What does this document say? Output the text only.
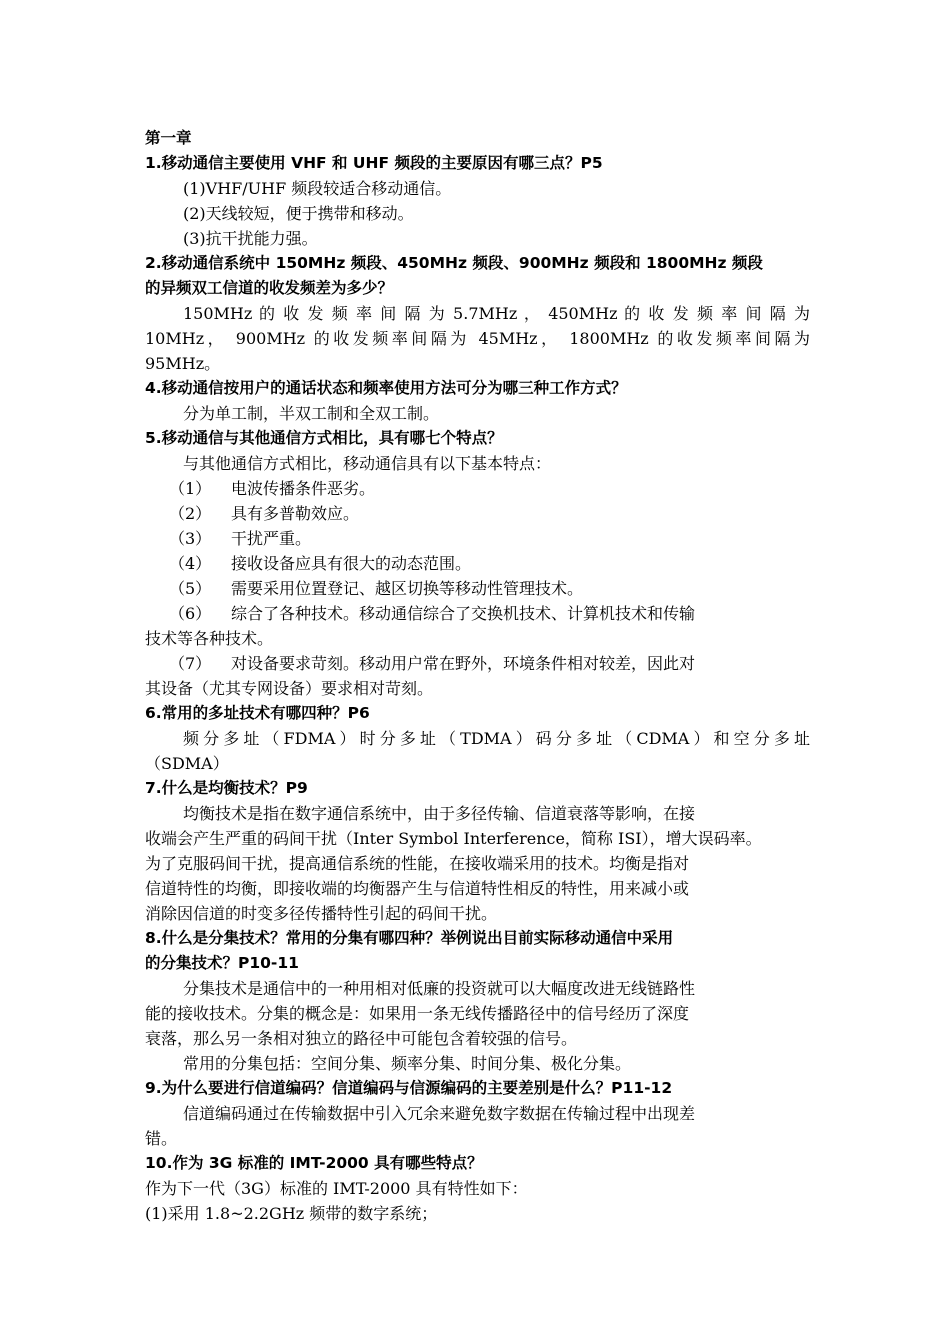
第一章
1.移动通信主要使用 VHF 和 UHF 频段的主要原因有哪三点？P5
(1)VHF/UHF 频段较适合移动通信。
(2)天线较短，便于携带和移动。
(3)抗干扰能力强。
2.移动通信系统中 150MHz 频段、450MHz 频段、900MHz 频段和 1800MHz 频段
的异频双工信道的收发频差为多少？
150MHz 的 收 发 频 率 间 隔 为 5.7MHz ， 450MHz 的 收 发 频 率 间 隔 为
10MHz， 900MHz 的收发频率间隔为 45MHz， 1800MHz 的收发频率间隔为
95MHz。
4.移动通信按用户的通话状态和频率使用方法可分为哪三种工作方式？
分为单工制，半双工制和全双工制。
5.移动通信与其他通信方式相比，具有哪七个特点？
与其他通信方式相比，移动通信具有以下基本特点：
（1） 电波传播条件恶劣。
（2） 具有多普勒效应。
（3） 干扰严重。
（4） 接收设备应具有很大的动态范围。
（5） 需要采用位置登记、越区切换等移动性管理技术。
（6） 综合了各种技术。移动通信综合了交换机技术、计算机技术和传输
技术等各种技术。
（7） 对设备要求苛刻。移动用户常在野外，环境条件相对较差，因此对
其设备（尤其专网设备）要求相对苛刻。
6.常用的多址技术有哪四种？P6
频分多址（FDMA）时分多址（TDMA）码分多址（CDMA）和空分多址
（SDMA）
7.什么是均衡技术？P9
均衡技术是指在数字通信系统中，由于多径传输、信道衰落等影响，在接
收端会产生严重的码间干扰（Inter Symbol Interference，简称 ISI），增大误码率。
为了克服码间干扰，提高通信系统的性能，在接收端采用的技术。均衡是指对
信道特性的均衡，即接收端的均衡器产生与信道特性相反的特性，用来减小或
消除因信道的时变多径传播特性引起的码间干扰。
8.什么是分集技术？常用的分集有哪四种？举例说出目前实际移动通信中采用
的分集技术？P10-11
分集技术是通信中的一种用相对低廉的投资就可以大幅度改进无线链路性
能的接收技术。分集的概念是：如果用一条无线传播路径中的信号经历了深度
衰落，那么另一条相对独立的路径中可能包含着较强的信号。
常用的分集包括：空间分集、频率分集、时间分集、极化分集。
9.为什么要进行信道编码？信道编码与信源编码的主要差别是什么？P11-12
信道编码通过在传输数据中引入冗余来避免数字数据在传输过程中出现差
错。
10.作为 3G 标准的 IMT-2000 具有哪些特点？
作为下一代（3G）标准的 IMT-2000 具有特性如下：
(1)采用 1.8~2.2GHz 频带的数字系统；
